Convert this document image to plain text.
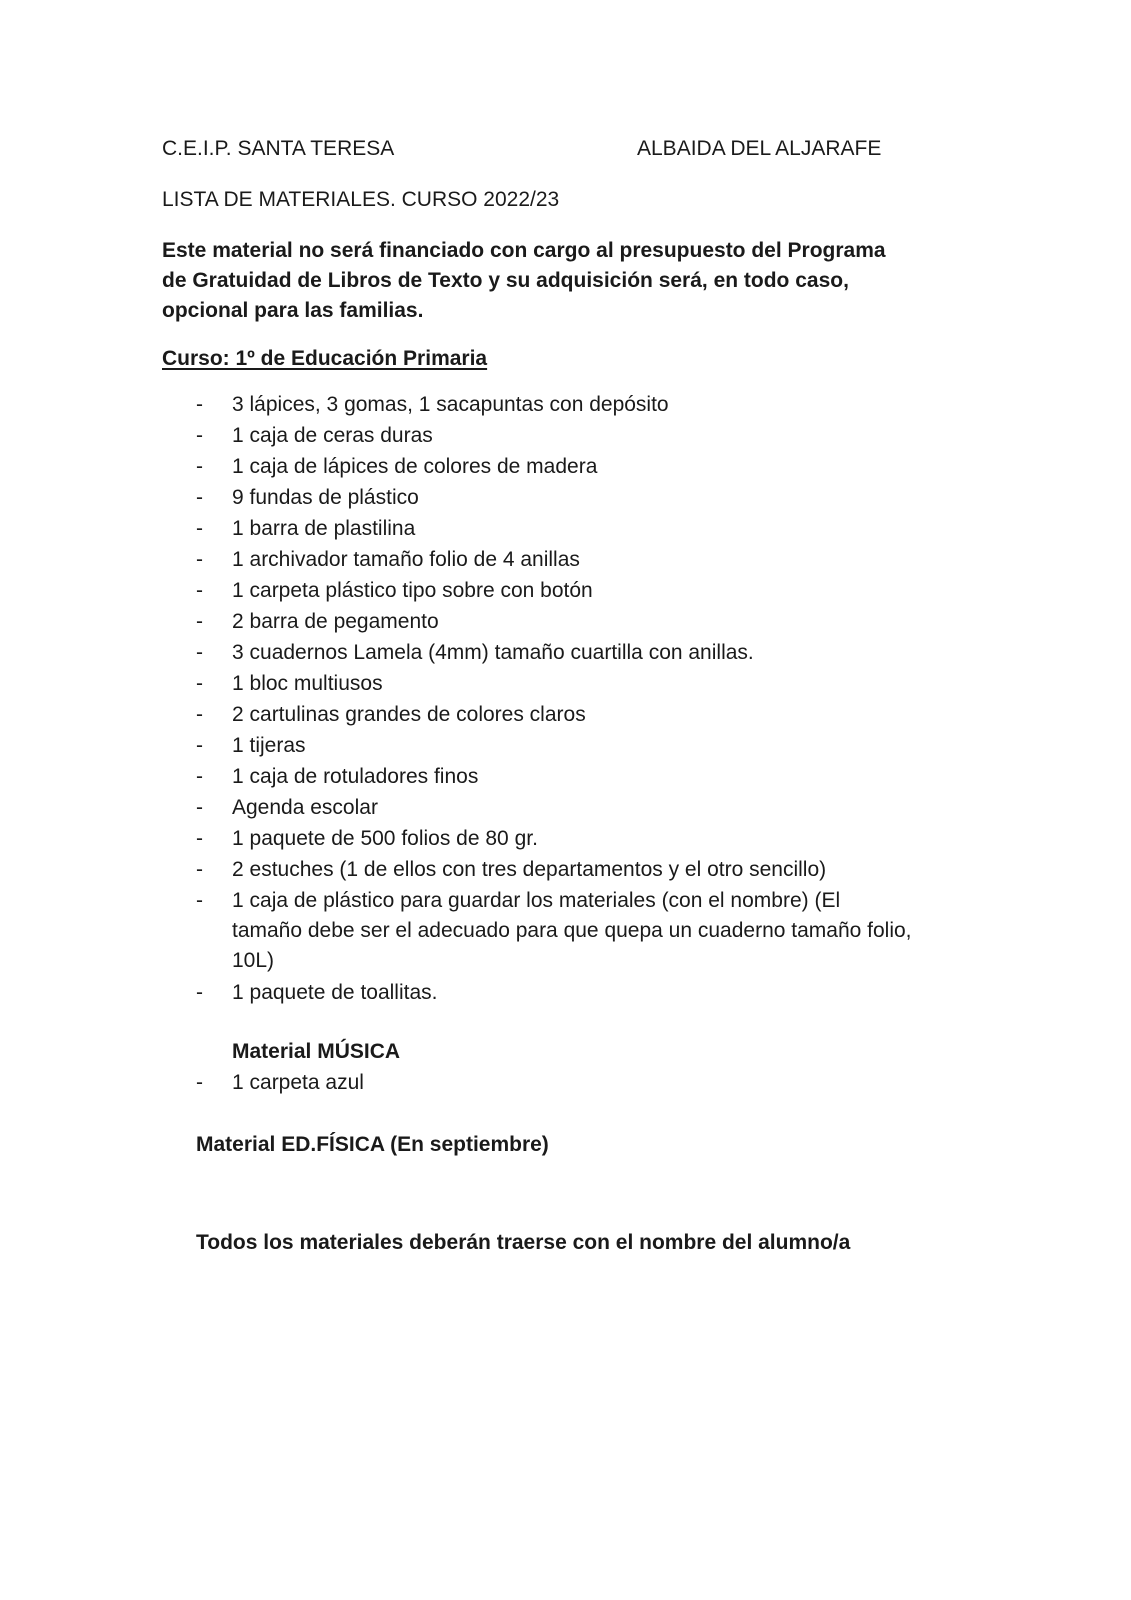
C.E.I.P. SANTA TERESA	ALBAIDA DEL ALJARAFE
LISTA DE MATERIALES. CURSO 2022/23
Este material no será financiado con cargo al presupuesto del Programa
de Gratuidad de Libros de Texto y su adquisición será, en todo caso,
opcional para las familias.
Curso: 1º de Educación Primaria
- 3 lápices, 3 gomas, 1 sacapuntas con depósito
- 1 caja de ceras duras
- 1 caja de lápices de colores de madera
- 9 fundas de plástico
- 1 barra de plastilina
- 1 archivador tamaño folio de 4 anillas
- 1 carpeta plástico tipo sobre con botón
- 2 barra de pegamento
- 3 cuadernos Lamela (4mm) tamaño cuartilla con anillas.
- 1 bloc multiusos
- 2 cartulinas grandes de colores claros
- 1 tijeras
- 1 caja de rotuladores finos
- Agenda escolar
- 1 paquete de 500 folios de 80 gr.
- 2 estuches (1 de ellos con tres departamentos y el otro sencillo)
- 1 caja de plástico para guardar los materiales (con el nombre) (El
tamaño debe ser el adecuado para que quepa un cuaderno tamaño folio,
10L)
- 1 paquete de toallitas.
Material MÚSICA
- 1 carpeta azul
Material ED.FÍSICA (En septiembre)
Todos los materiales deberán traerse con el nombre del alumno/a
